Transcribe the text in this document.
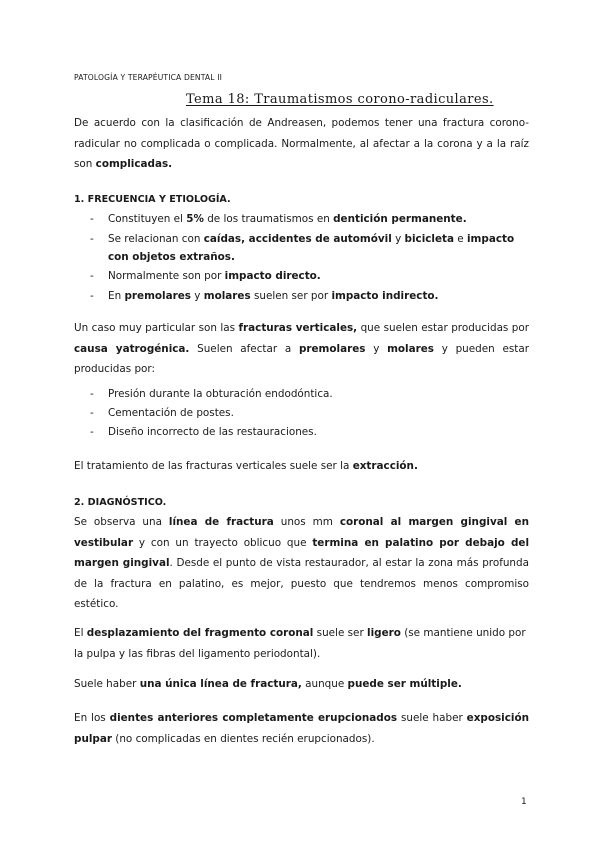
PATOLOGÍA Y TERAPÉUTICA DENTAL II
Tema 18: Traumatismos corono-radiculares.
De acuerdo con la clasificación de Andreasen, podemos tener una fractura corono-radicular no complicada o complicada. Normalmente, al afectar a la corona y a la raíz son complicadas.
1. FRECUENCIA Y ETIOLOGÍA.
- Constituyen el 5% de los traumatismos en dentición permanente.
- Se relacionan con caídas, accidentes de automóvil y bicicleta e impacto con objetos extraños.
- Normalmente son por impacto directo.
- En premolares y molares suelen ser por impacto indirecto.
Un caso muy particular son las fracturas verticales, que suelen estar producidas por causa yatrogénica. Suelen afectar a premolares y molares y pueden estar producidas por:
- Presión durante la obturación endodóntica.
- Cementación de postes.
- Diseño incorrecto de las restauraciones.
El tratamiento de las fracturas verticales suele ser la extracción.
2. DIAGNÓSTICO.
Se observa una línea de fractura unos mm coronal al margen gingival en vestibular y con un trayecto oblicuo que termina en palatino por debajo del margen gingival. Desde el punto de vista restaurador, al estar la zona más profunda de la fractura en palatino, es mejor, puesto que tendremos menos compromiso estético.
El desplazamiento del fragmento coronal suele ser ligero (se mantiene unido por la pulpa y las fibras del ligamento periodontal).
Suele haber una única línea de fractura, aunque puede ser múltiple.
En los dientes anteriores completamente erupcionados suele haber exposición pulpar (no complicadas en dientes recién erupcionados).
1
